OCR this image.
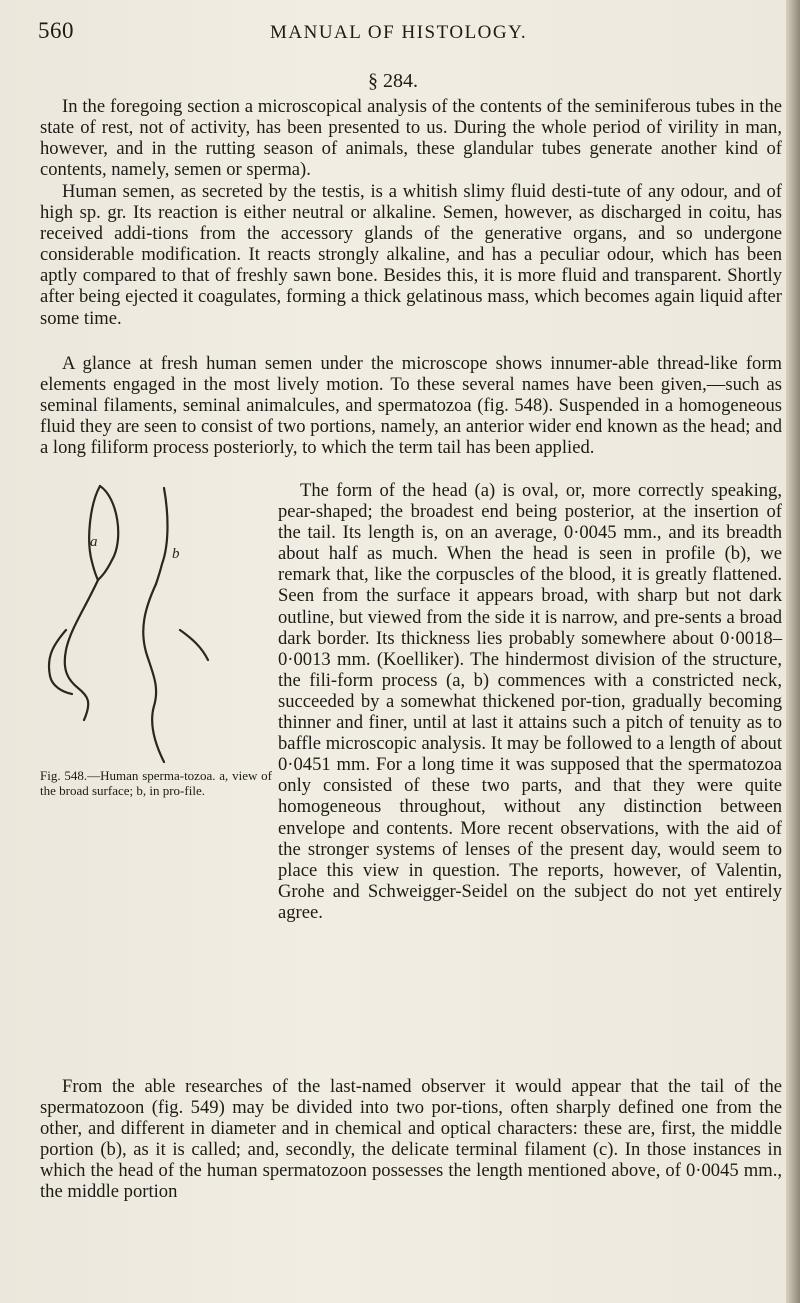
560	MANUAL OF HISTOLOGY.
§ 284.

In the foregoing section a microscopical analysis of the contents of the seminiferous tubes in the state of rest, not of activity, has been presented to us. During the whole period of virility in man, however, and in the rutting season of animals, these glandular tubes generate another kind of contents, namely, semen or sperma).

Human semen, as secreted by the testis, is a whitish slimy fluid desti-tute of any odour, and of high sp. gr. Its reaction is either neutral or alkaline. Semen, however, as discharged in coitu, has received addi-tions from the accessory glands of the generative organs, and so undergone considerable modification. It reacts strongly alkaline, and has a peculiar odour, which has been aptly compared to that of freshly sawn bone. Besides this, it is more fluid and transparent. Shortly after being ejected it coagulates, forming a thick gelatinous mass, which becomes again liquid after some time.

A glance at fresh human semen under the microscope shows innumer-able thread-like form elements engaged in the most lively motion. To these several names have been given,—such as seminal filaments, seminal animalcules, and spermatozoa (fig. 548). Suspended in a homogeneous fluid they are seen to consist of two portions, namely, an anterior wider end known as the head; and a long filiform process posteriorly, to which the term tail has been applied.

a
b
Fig. 548.—Human sperma-tozoa. a, view of the broad surface; b, in pro-file.

The form of the head (a) is oval, or, more correctly speaking, pear-shaped; the broadest end being posterior, at the insertion of the tail. Its length is, on an average, 0·0045 mm., and its breadth about half as much. When the head is seen in profile (b), we remark that, like the corpuscles of the blood, it is greatly flattened. Seen from the surface it appears broad, with sharp but not dark outline, but viewed from the side it is narrow, and pre-sents a broad dark border. Its thickness lies probably somewhere about 0·0018–0·0013 mm. (Koelliker). The hindermost division of the structure, the fili-form process (a, b) commences with a constricted neck, succeeded by a somewhat thickened por-tion, gradually becoming thinner and finer, until at last it attains such a pitch of tenuity as to baffle microscopic analysis. It may be followed to a length of about 0·0451 mm. For a long time it was supposed that the spermatozoa only consisted of these two parts, and that they were quite homogeneous throughout, without any distinction between envelope and contents. More recent observations, with the aid of the stronger systems of lenses of the present day, would seem to place this view in question. The reports, however, of Valentin, Grohe and Schweigger-Seidel on the subject do not yet entirely agree.

From the able researches of the last-named observer it would appear that the tail of the spermatozoon (fig. 549) may be divided into two por-tions, often sharply defined one from the other, and different in diameter and in chemical and optical characters: these are, first, the middle portion (b), as it is called; and, secondly, the delicate terminal filament (c). In those instances in which the head of the human spermatozoon possesses the length mentioned above, of 0·0045 mm., the middle portion
